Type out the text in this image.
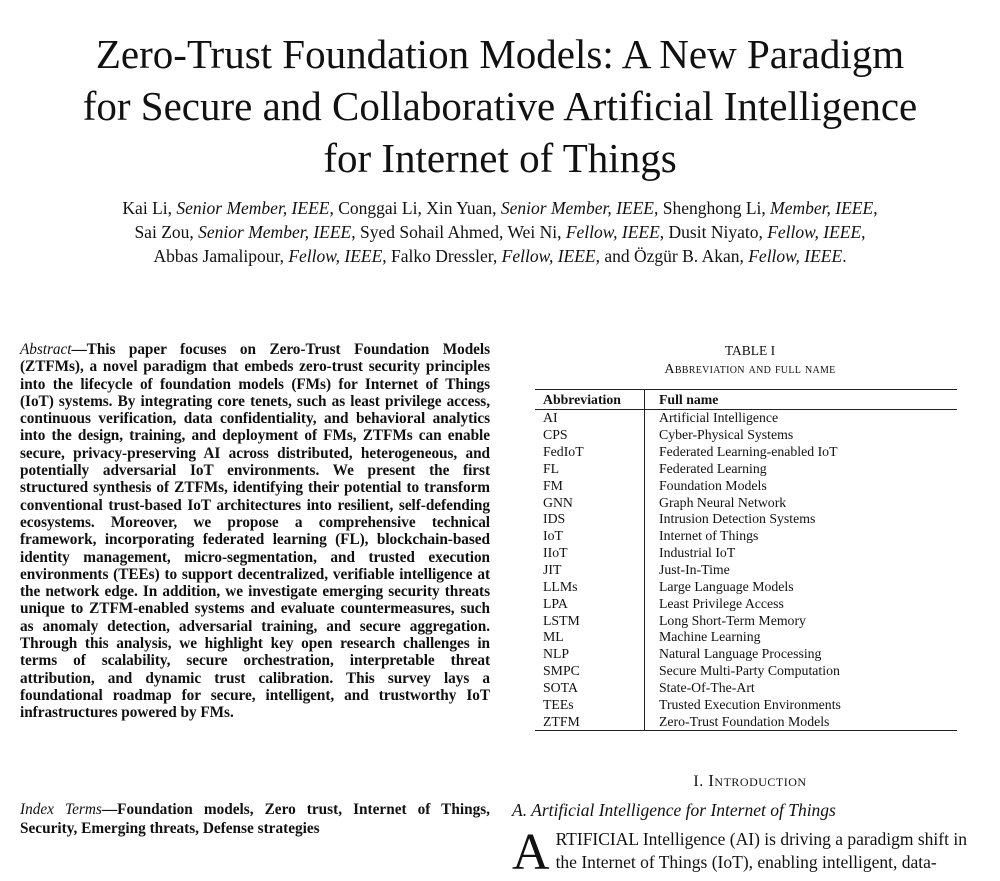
Zero-Trust Foundation Models: A New Paradigm
for Secure and Collaborative Artificial Intelligence
for Internet of Things
Kai Li, Senior Member, IEEE, Conggai Li, Xin Yuan, Senior Member, IEEE, Shenghong Li, Member, IEEE,
Sai Zou, Senior Member, IEEE, Syed Sohail Ahmed, Wei Ni, Fellow, IEEE, Dusit Niyato, Fellow, IEEE,
Abbas Jamalipour, Fellow, IEEE, Falko Dressler, Fellow, IEEE, and Özgür B. Akan, Fellow, IEEE.
Abstract—This paper focuses on Zero-Trust Foundation Models (ZTFMs), a novel paradigm that embeds zero-trust security principles into the lifecycle of foundation models (FMs) for Internet of Things (IoT) systems. By integrating core tenets, such as least privilege access, continuous verification, data confidentiality, and behavioral analytics into the design, training, and deployment of FMs, ZTFMs can enable secure, privacy-preserving AI across distributed, heterogeneous, and potentially adversarial IoT environments. We present the first structured synthesis of ZTFMs, identifying their potential to transform conventional trust-based IoT architectures into resilient, self-defending ecosystems. Moreover, we propose a comprehensive technical framework, incorporating federated learning (FL), blockchain-based identity management, micro-segmentation, and trusted execution environments (TEEs) to support decentralized, verifiable intelligence at the network edge. In addition, we investigate emerging security threats unique to ZTFM-enabled systems and evaluate countermeasures, such as anomaly detection, adversarial training, and secure aggregation. Through this analysis, we highlight key open research challenges in terms of scalability, secure orchestration, interpretable threat attribution, and dynamic trust calibration. This survey lays a foundational roadmap for secure, intelligent, and trustworthy IoT infrastructures powered by FMs.
Index Terms—Foundation models, Zero trust, Internet of Things, Security, Emerging threats, Defense strategies
TABLE I
Abbreviation and full name
Abbreviation	Full name
AI	Artificial Intelligence
CPS	Cyber-Physical Systems
FedIoT	Federated Learning-enabled IoT
FL	Federated Learning
FM	Foundation Models
GNN	Graph Neural Network
IDS	Intrusion Detection Systems
IoT	Internet of Things
IIoT	Industrial IoT
JIT	Just-In-Time
LLMs	Large Language Models
LPA	Least Privilege Access
LSTM	Long Short-Term Memory
ML	Machine Learning
NLP	Natural Language Processing
SMPC	Secure Multi-Party Computation
SOTA	State-Of-The-Art
TEEs	Trusted Execution Environments
ZTFM	Zero-Trust Foundation Models
I. Introduction
A. Artificial Intelligence for Internet of Things
ARTIFICIAL Intelligence (AI) is driving a paradigm shift in the Internet of Things (IoT), enabling intelligent, data-
